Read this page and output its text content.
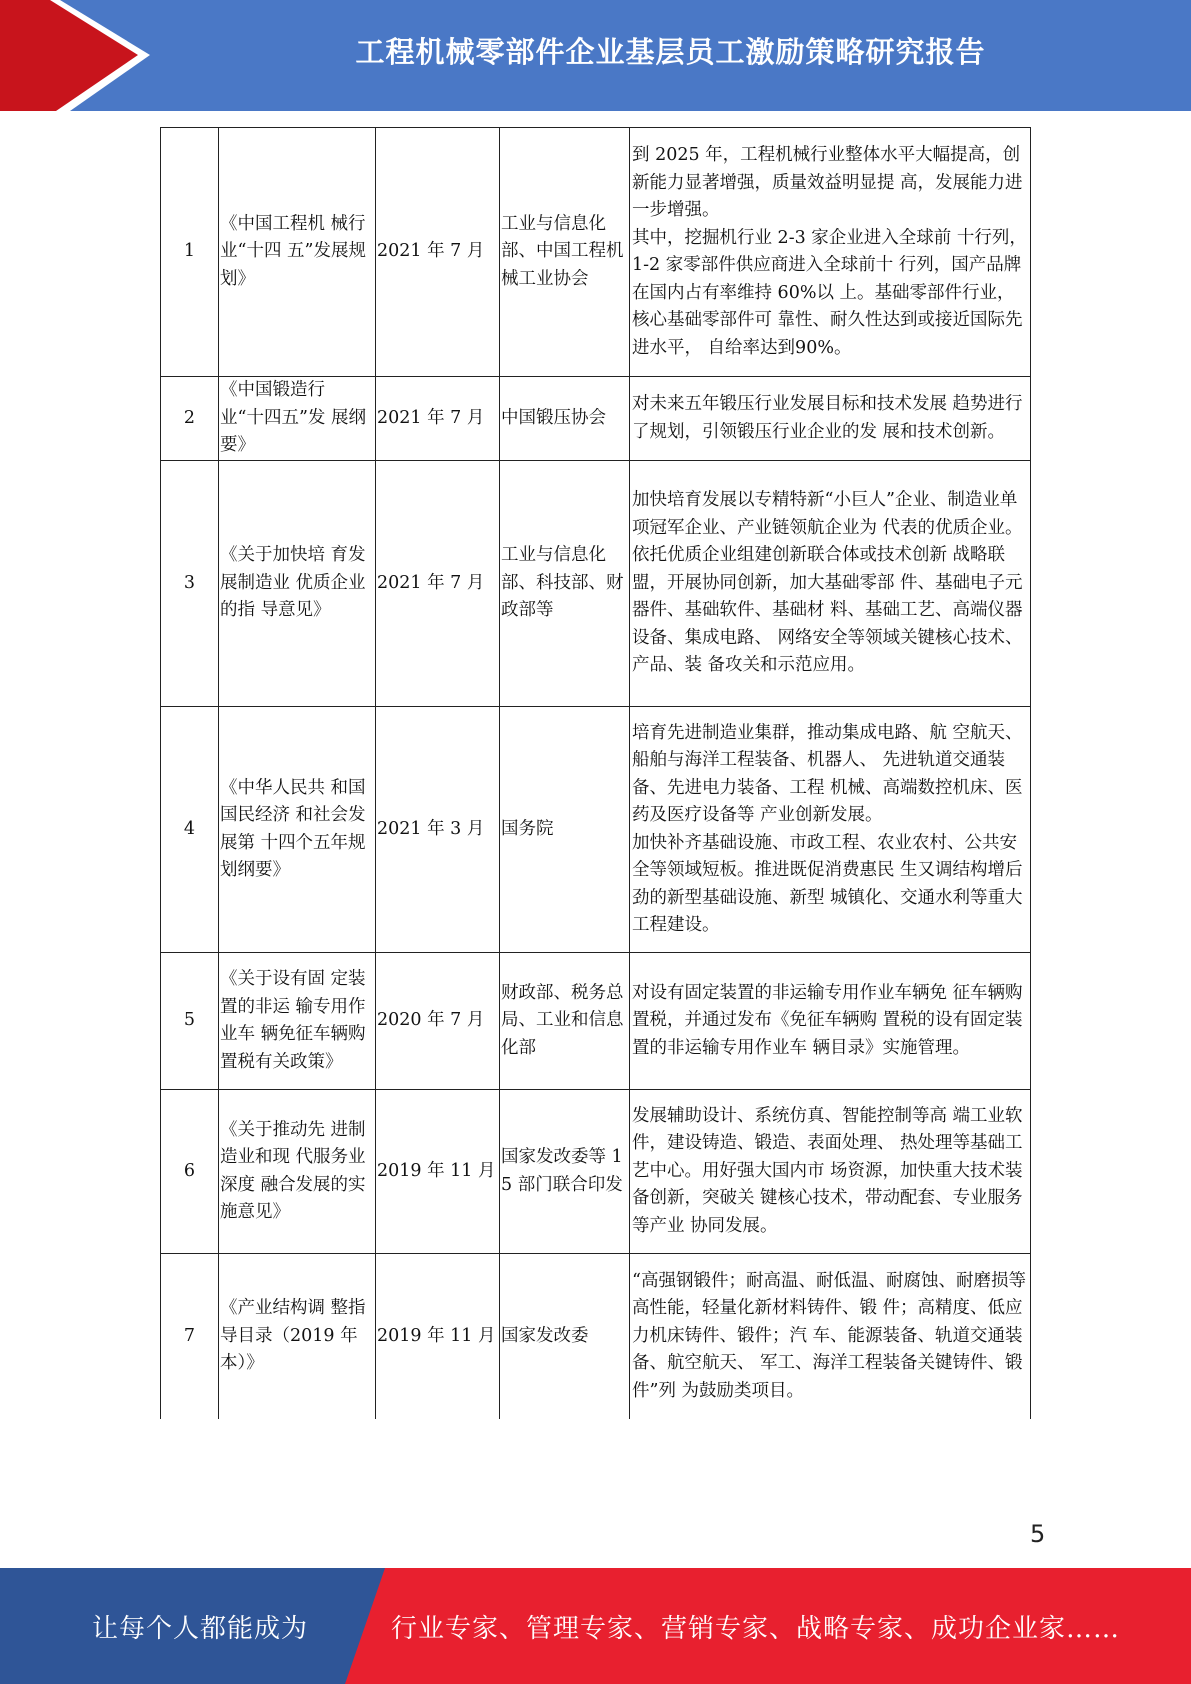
工程机械零部件企业基层员工激励策略研究报告
1	《中国工程机 械行业“十四 五”发展规划》	2021 年 7 月	工业与信息化部、中国工程机械工业协会	到 2025 年，工程机械行业整体水平大幅提高，创新能力显著增强，质量效益明显提 高，发展能力进一步增强。
其中，挖掘机行业 2-3 家企业进入全球前 十行列，1-2 家零部件供应商进入全球前十 行列，国产品牌在国内占有率维持 60%以 上。基础零部件行业，核心基础零部件可 靠性、耐久性达到或接近国际先进水平， 自给率达到90%。

2	《中国锻造行 业“十四五”发 展纲要》	2021 年 7 月	中国锻压协会	对未来五年锻压行业发展目标和技术发展 趋势进行了规划，引领锻压行业企业的发 展和技术创新。

3	《关于加快培 育发展制造业 优质企业的指 导意见》	2021 年 7 月	工业与信息化部、科技部、财政部等	加快培育发展以专精特新“小巨人”企业、制造业单项冠军企业、产业链领航企业为 代表的优质企业。
依托优质企业组建创新联合体或技术创新 战略联盟，开展协同创新，加大基础零部 件、基础电子元器件、基础软件、基础材 料、基础工艺、高端仪器设备、集成电路、 网络安全等领域关键核心技术、产品、装 备攻关和示范应用。

4	《中华人民共 和国国民经济 和社会发展第 十四个五年规 划纲要》	2021 年 3 月	国务院	培育先进制造业集群，推动集成电路、航 空航天、船舶与海洋工程装备、机器人、 先进轨道交通装备、先进电力装备、工程 机械、高端数控机床、医药及医疗设备等 产业创新发展。
加快补齐基础设施、市政工程、农业农村、公共安全等领域短板。推进既促消费惠民 生又调结构增后劲的新型基础设施、新型 城镇化、交通水利等重大工程建设。

5	《关于设有固 定装置的非运 输专用作业车 辆免征车辆购 置税有关政策》	2020 年 7 月	财政部、税务总局、工业和信息化部	对设有固定装置的非运输专用作业车辆免 征车辆购置税，并通过发布《免征车辆购 置税的设有固定装置的非运输专用作业车 辆目录》实施管理。

6	《关于推动先 进制造业和现 代服务业深度 融合发展的实 施意见》	2019 年 11 月	国家发改委等 15 部门联合印发	发展辅助设计、系统仿真、智能控制等高 端工业软件，建设铸造、锻造、表面处理、 热处理等基础工艺中心。用好强大国内市 场资源，加快重大技术装备创新，突破关 键核心技术，带动配套、专业服务等产业 协同发展。

7	《产业结构调 整指导目录（2019 年本）》	2019 年 11 月	国家发改委	“高强钢锻件；耐高温、耐低温、耐腐蚀、耐磨损等高性能，轻量化新材料铸件、锻 件；高精度、低应力机床铸件、锻件；汽 车、能源装备、轨道交通装备、航空航天、 军工、海洋工程装备关键铸件、锻件”列 为鼓励类项目。
5
让每个人都能成为	行业专家、管理专家、营销专家、战略专家、成功企业家……
